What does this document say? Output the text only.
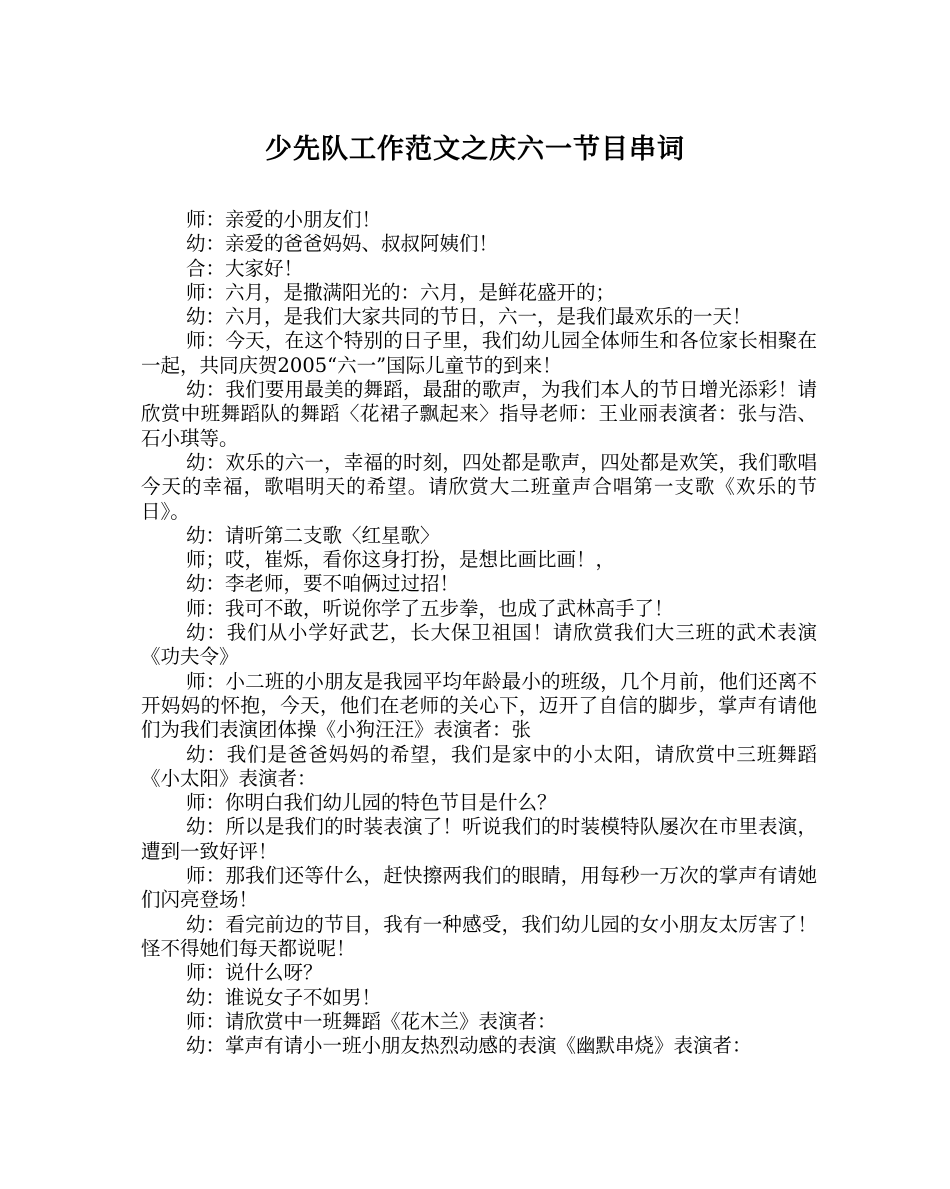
少先队工作范文之庆六一节目串词

师：亲爱的小朋友们！

幼：亲爱的爸爸妈妈、叔叔阿姨们！

合：大家好！

师：六月，是撒满阳光的：六月，是鲜花盛开的；

幼：六月，是我们大家共同的节日，六一，是我们最欢乐的一天！

师：今天，在这个特别的日子里，我们幼儿园全体师生和各位家长相聚在一起，共同庆贺2005“六一”国际儿童节的到来！

幼：我们要用最美的舞蹈，最甜的歌声，为我们本人的节日增光添彩！请欣赏中班舞蹈队的舞蹈〈花裙子飘起来〉指导老师：王业丽表演者：张与浩、石小琪等。

幼：欢乐的六一，幸福的时刻，四处都是歌声，四处都是欢笑，我们歌唱今天的幸福，歌唱明天的希望。请欣赏大二班童声合唱第一支歌《欢乐的节日》。

幼：请听第二支歌〈红星歌〉

师；哎，崔烁，看你这身打扮，是想比画比画！，

幼：李老师，要不咱俩过过招！

师：我可不敢，听说你学了五步拳，也成了武林高手了！

幼：我们从小学好武艺，长大保卫祖国！请欣赏我们大三班的武术表演《功夫令》

师：小二班的小朋友是我园平均年龄最小的班级，几个月前，他们还离不开妈妈的怀抱，今天，他们在老师的关心下，迈开了自信的脚步，掌声有请他们为我们表演团体操《小狗汪汪》表演者：张

幼：我们是爸爸妈妈的希望，我们是家中的小太阳，请欣赏中三班舞蹈《小太阳》表演者：

师：你明白我们幼儿园的特色节目是什么？

幼：所以是我们的时装表演了！听说我们的时装模特队屡次在市里表演，遭到一致好评！

师：那我们还等什么，赶快擦两我们的眼睛，用每秒一万次的掌声有请她们闪亮登场！

幼：看完前边的节目，我有一种感受，我们幼儿园的女小朋友太厉害了！怪不得她们每天都说呢！

师：说什么呀？

幼：谁说女子不如男！

师：请欣赏中一班舞蹈《花木兰》表演者：

幼：掌声有请小一班小朋友热烈动感的表演《幽默串烧》表演者：
